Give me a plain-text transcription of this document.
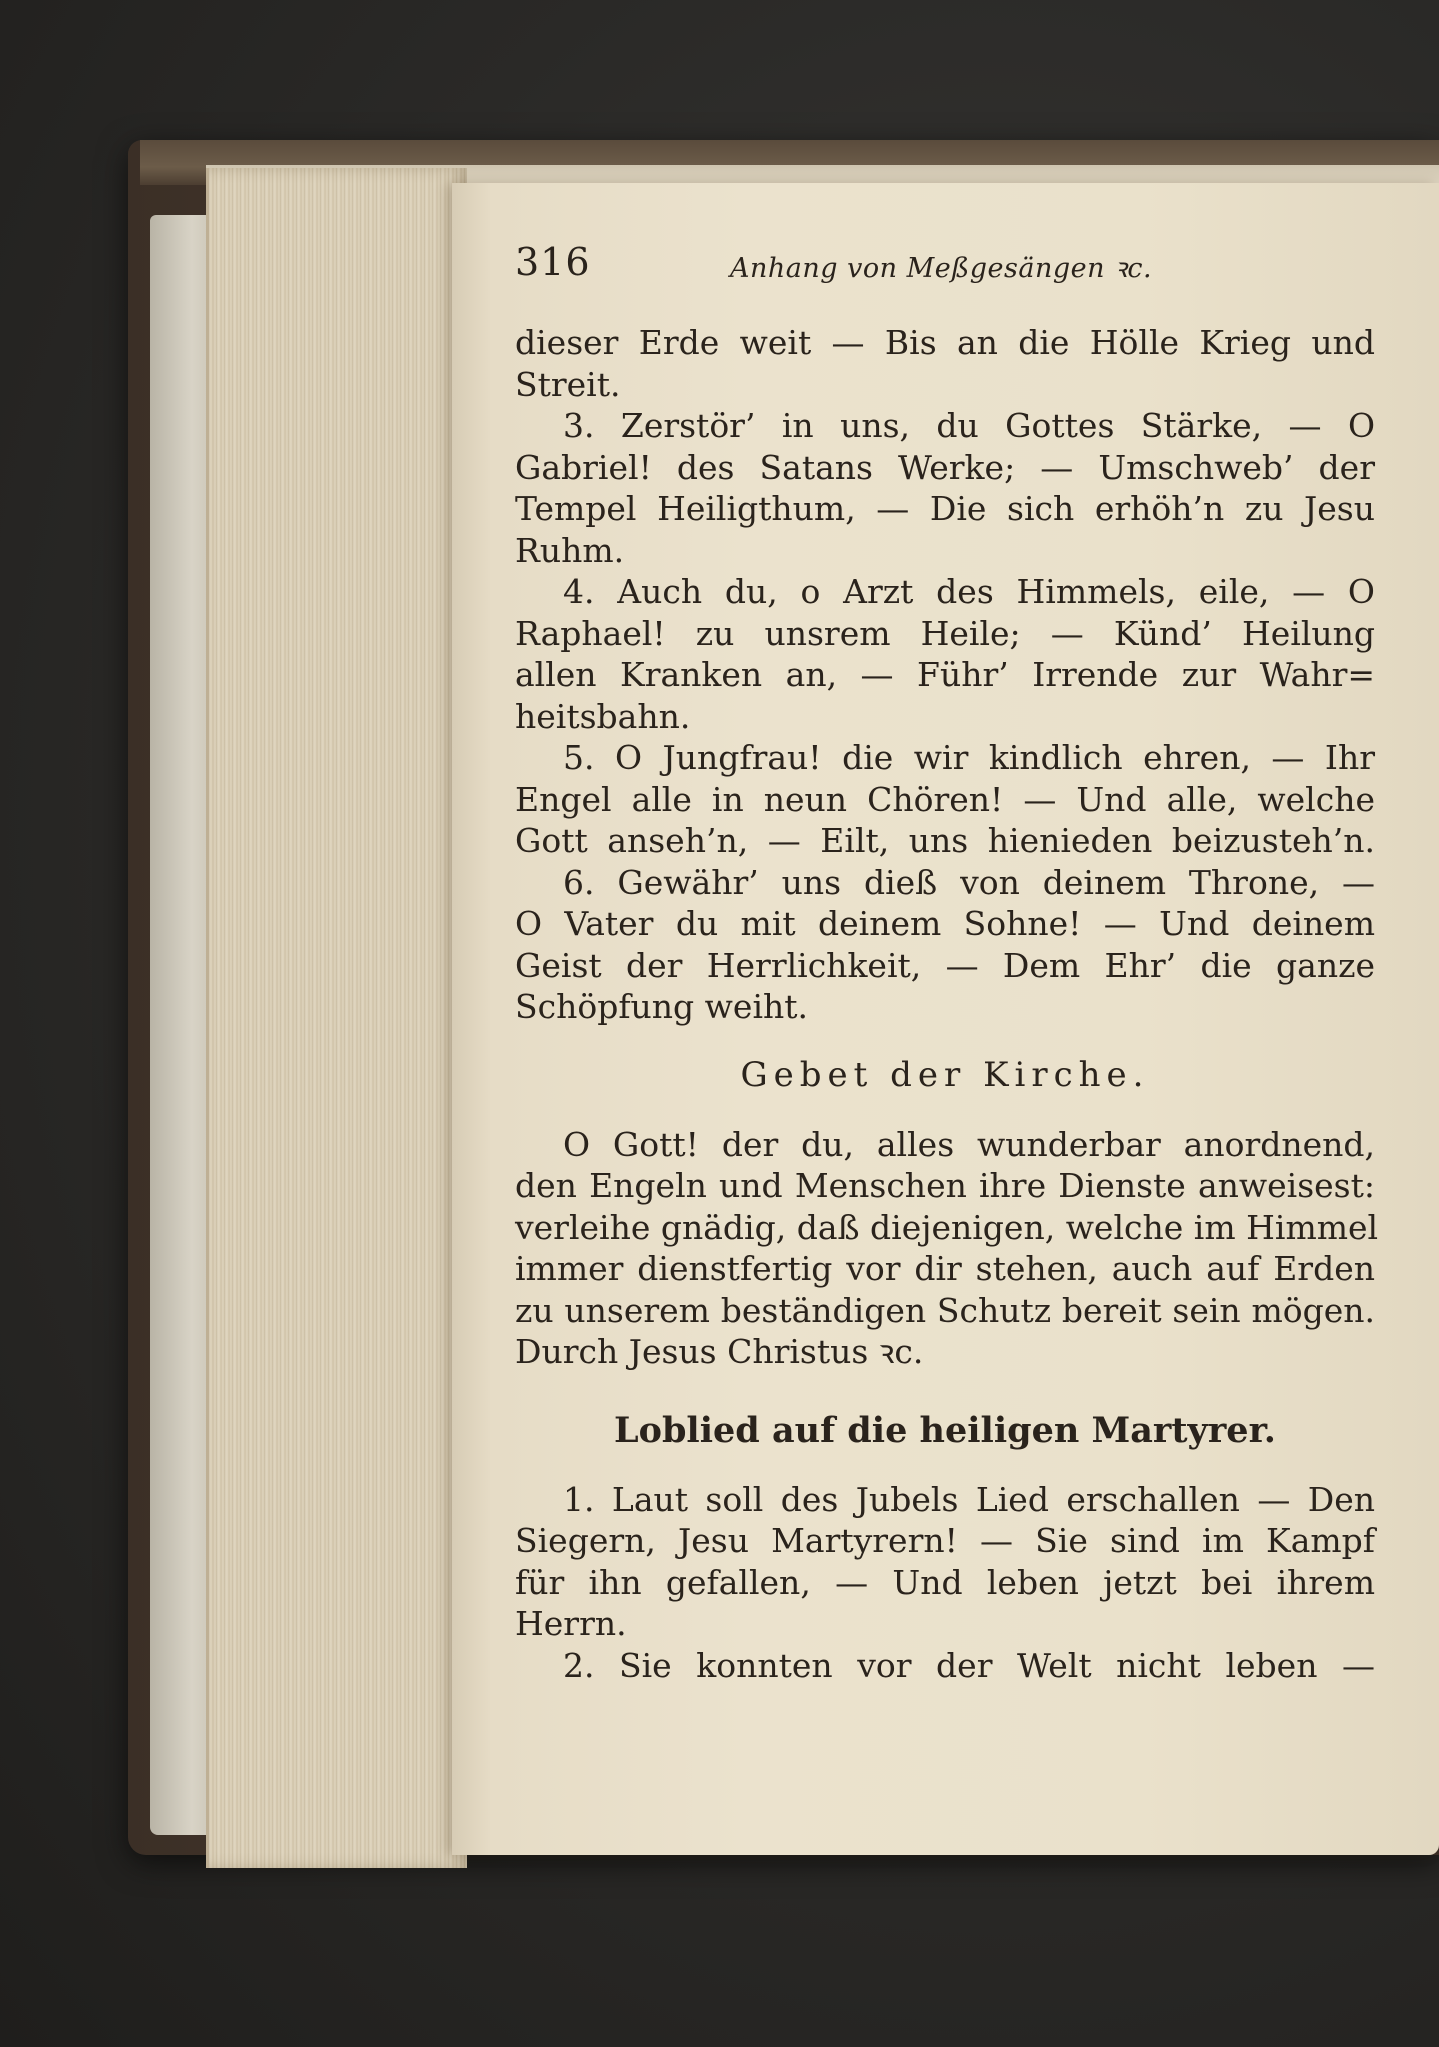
316	Anhang von Meßgesängen ꝛc.
dieser Erde weit — Bis an die Hölle Krieg und
Streit.
3. Zerstör’ in uns, du Gottes Stärke, — O
Gabriel! des Satans Werke; — Umschweb’ der
Tempel Heiligthum, — Die sich erhöh’n zu Jesu
Ruhm.
4. Auch du, o Arzt des Himmels, eile, — O
Raphael! zu unsrem Heile; — Künd’ Heilung
allen Kranken an, — Führ’ Irrende zur Wahr=
heitsbahn.
5. O Jungfrau! die wir kindlich ehren, — Ihr
Engel alle in neun Chören! — Und alle, welche
Gott anseh’n, — Eilt, uns hienieden beizusteh’n.
6. Gewähr’ uns dieß von deinem Throne, —
O Vater du mit deinem Sohne! — Und deinem
Geist der Herrlichkeit, — Dem Ehr’ die ganze
Schöpfung weiht.
Gebet der Kirche.
O Gott! der du, alles wunderbar anordnend,
den Engeln und Menschen ihre Dienste anweisest:
verleihe gnädig, daß diejenigen, welche im Himmel
immer dienstfertig vor dir stehen, auch auf Erden
zu unserem beständigen Schutz bereit sein mögen.
Durch Jesus Christus ꝛc.
Loblied auf die heiligen Martyrer.
1. Laut soll des Jubels Lied erschallen — Den
Siegern, Jesu Martyrern! — Sie sind im Kampf
für ihn gefallen, — Und leben jetzt bei ihrem
Herrn.
2. Sie konnten vor der Welt nicht leben —
